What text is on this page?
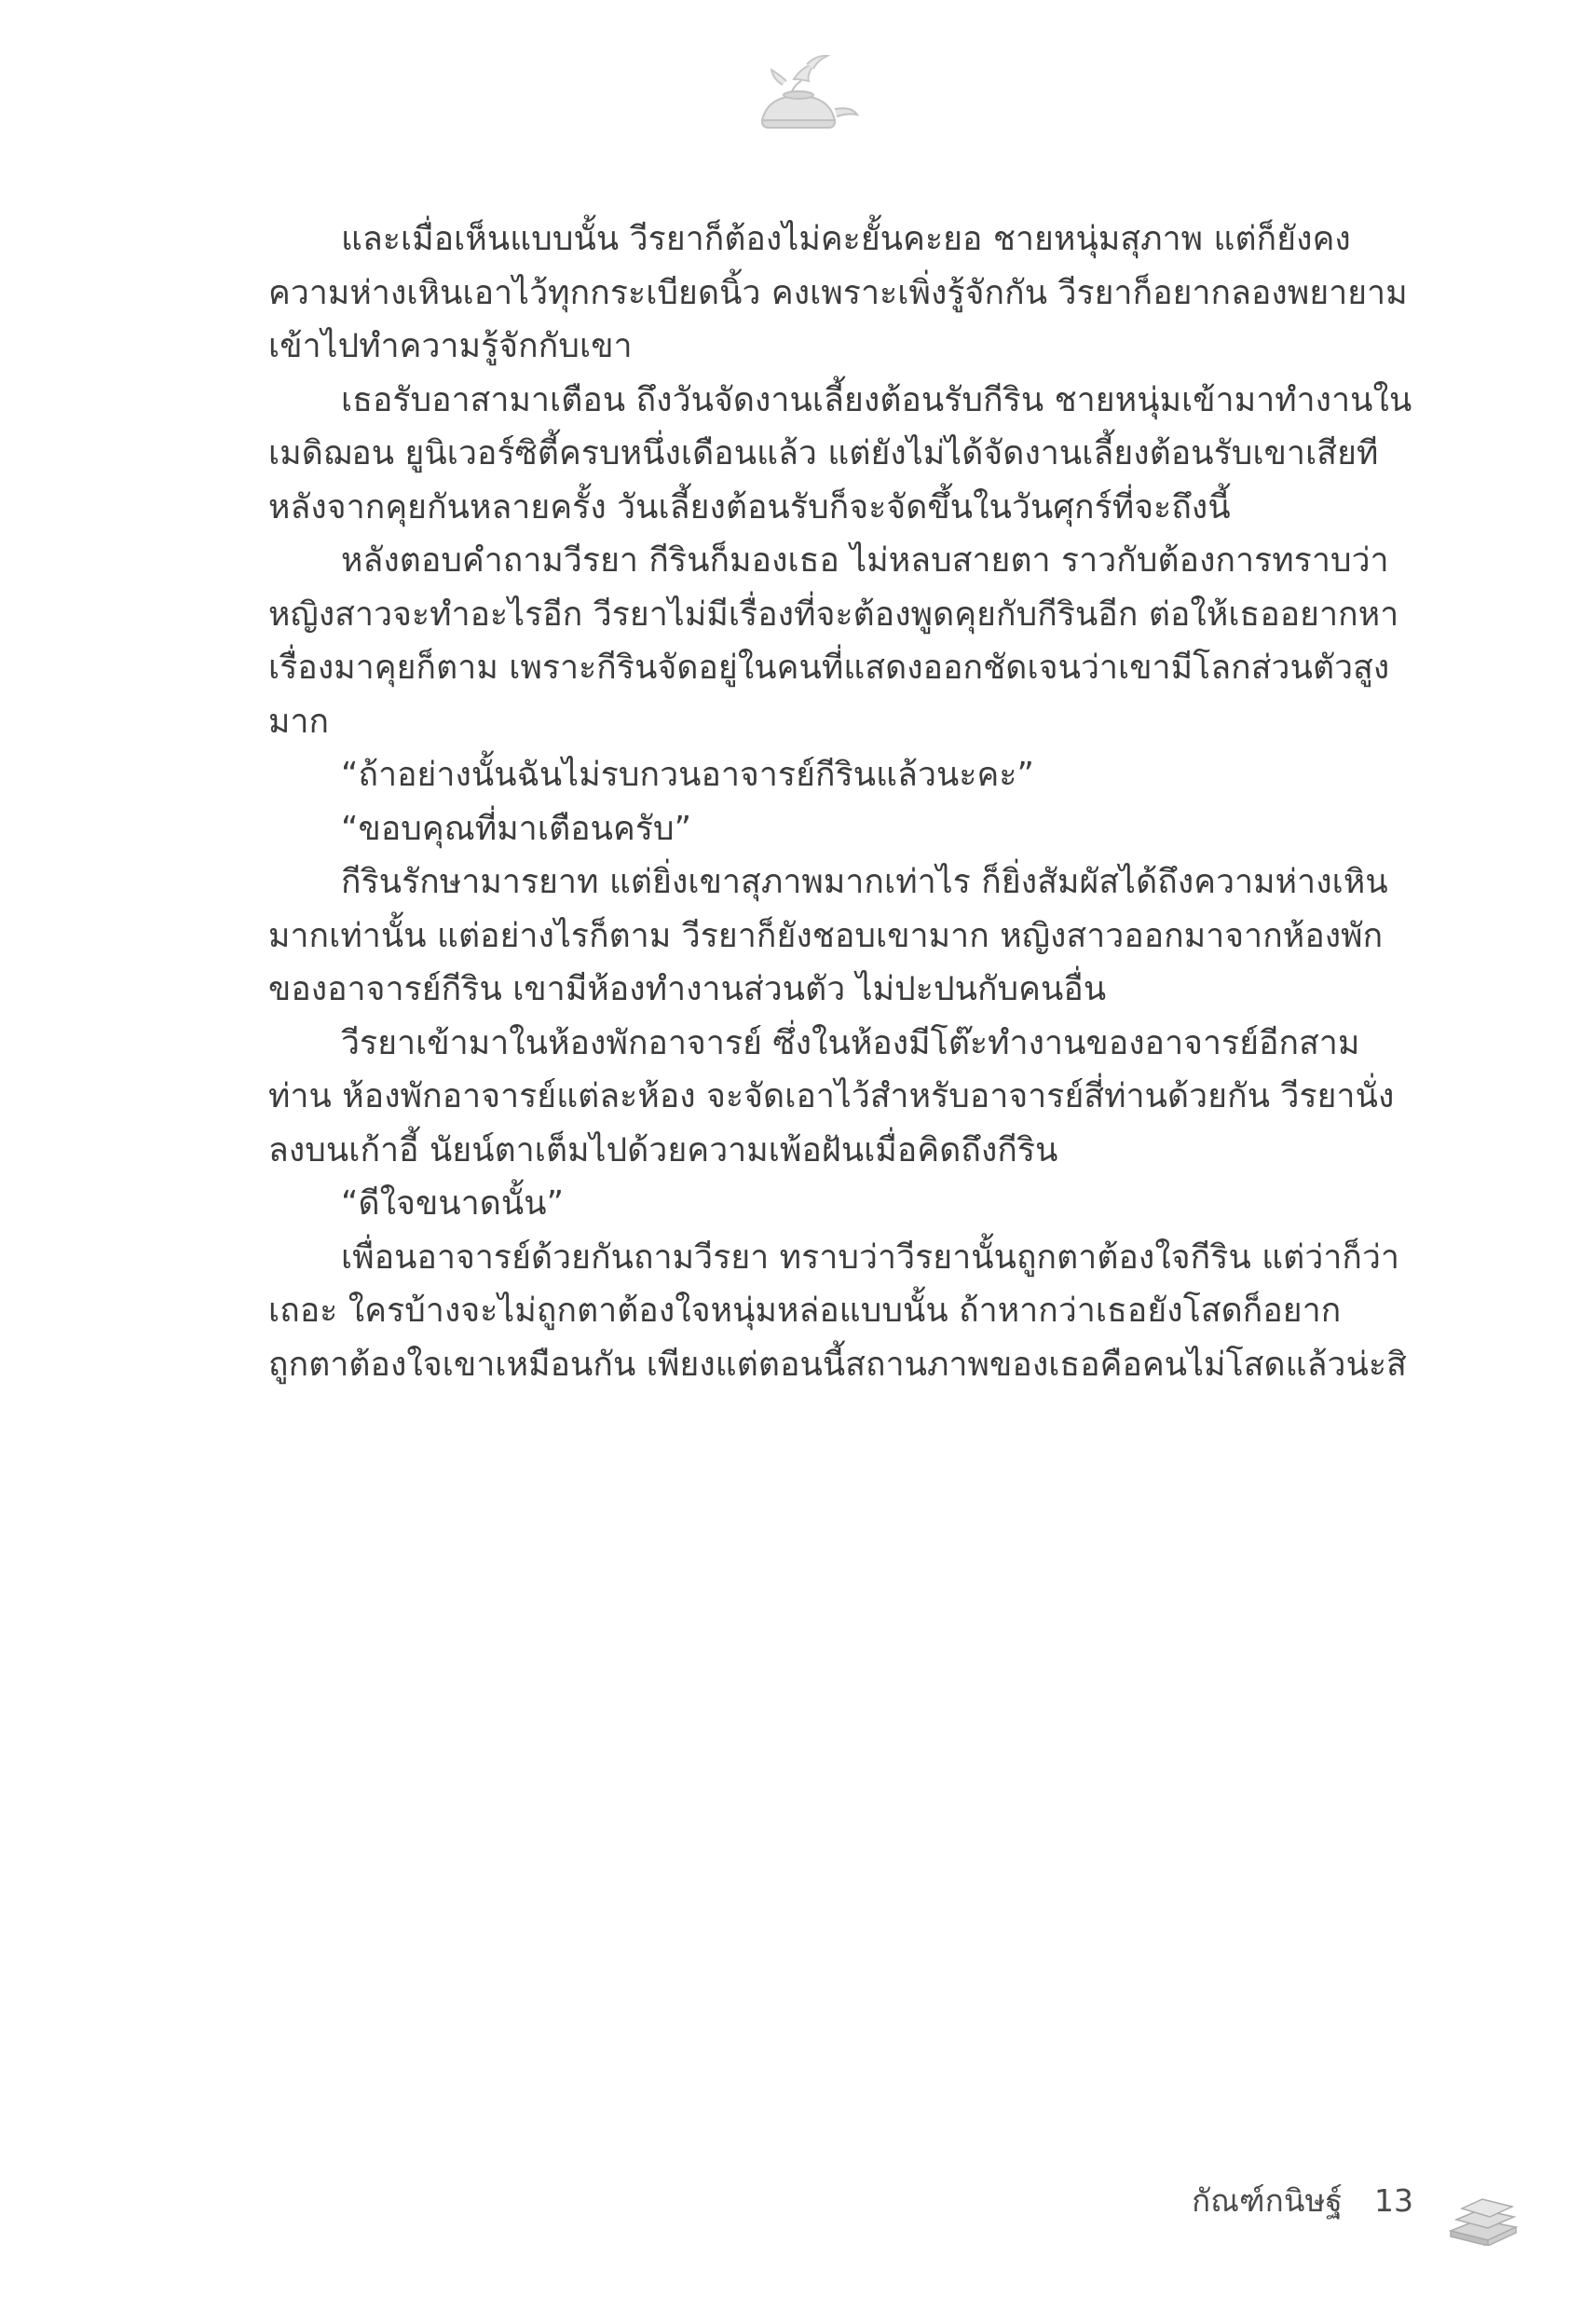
และเมื่อเห็นแบบนั้น วีรยาก็ต้องไม่คะยั้นคะยอ ชายหนุ่มสุภาพ แต่ก็ยังคงความห่างเหินเอาไว้ทุกกระเบียดนิ้ว คงเพราะเพิ่งรู้จักกัน วีรยาก็อยากลองพยายามเข้าไปทำความรู้จักกับเขา

เธอรับอาสามาเตือน ถึงวันจัดงานเลี้ยงต้อนรับกีริน ชายหนุ่มเข้ามาทำงานในเมดิฌอน ยูนิเวอร์ซิตี้ครบหนึ่งเดือนแล้ว แต่ยังไม่ได้จัดงานเลี้ยงต้อนรับเขาเสียที หลังจากคุยกันหลายครั้ง วันเลี้ยงต้อนรับก็จะจัดขึ้นในวันศุกร์ที่จะถึงนี้

หลังตอบคำถามวีรยา กีรินก็มองเธอ ไม่หลบสายตา ราวกับต้องการทราบว่าหญิงสาวจะทำอะไรอีก วีรยาไม่มีเรื่องที่จะต้องพูดคุยกับกีรินอีก ต่อให้เธออยากหาเรื่องมาคุยก็ตาม เพราะกีรินจัดอยู่ในคนที่แสดงออกชัดเจนว่าเขามีโลกส่วนตัวสูงมาก

“ถ้าอย่างนั้นฉันไม่รบกวนอาจารย์กีรินแล้วนะคะ”

“ขอบคุณที่มาเตือนครับ”

กีรินรักษามารยาท แต่ยิ่งเขาสุภาพมากเท่าไร ก็ยิ่งสัมผัสได้ถึงความห่างเหินมากเท่านั้น แต่อย่างไรก็ตาม วีรยาก็ยังชอบเขามาก หญิงสาวออกมาจากห้องพักของอาจารย์กีริน เขามีห้องทำงานส่วนตัว ไม่ปะปนกับคนอื่น

วีรยาเข้ามาในห้องพักอาจารย์ ซึ่งในห้องมีโต๊ะทำงานของอาจารย์อีกสามท่าน ห้องพักอาจารย์แต่ละห้อง จะจัดเอาไว้สำหรับอาจารย์สี่ท่านด้วยกัน วีรยานั่งลงบนเก้าอี้ นัยน์ตาเต็มไปด้วยความเพ้อฝันเมื่อคิดถึงกีริน

“ดีใจขนาดนั้น”

เพื่อนอาจารย์ด้วยกันถามวีรยา ทราบว่าวีรยานั้นถูกตาต้องใจกีริน แต่ว่าก็ว่าเถอะ ใครบ้างจะไม่ถูกตาต้องใจหนุ่มหล่อแบบนั้น ถ้าหากว่าเธอยังโสดก็อยากถูกตาต้องใจเขาเหมือนกัน เพียงแต่ตอนนี้สถานภาพของเธอคือคนไม่โสดแล้วน่ะสิ

กัณฑ์กนิษฐ์ 13
